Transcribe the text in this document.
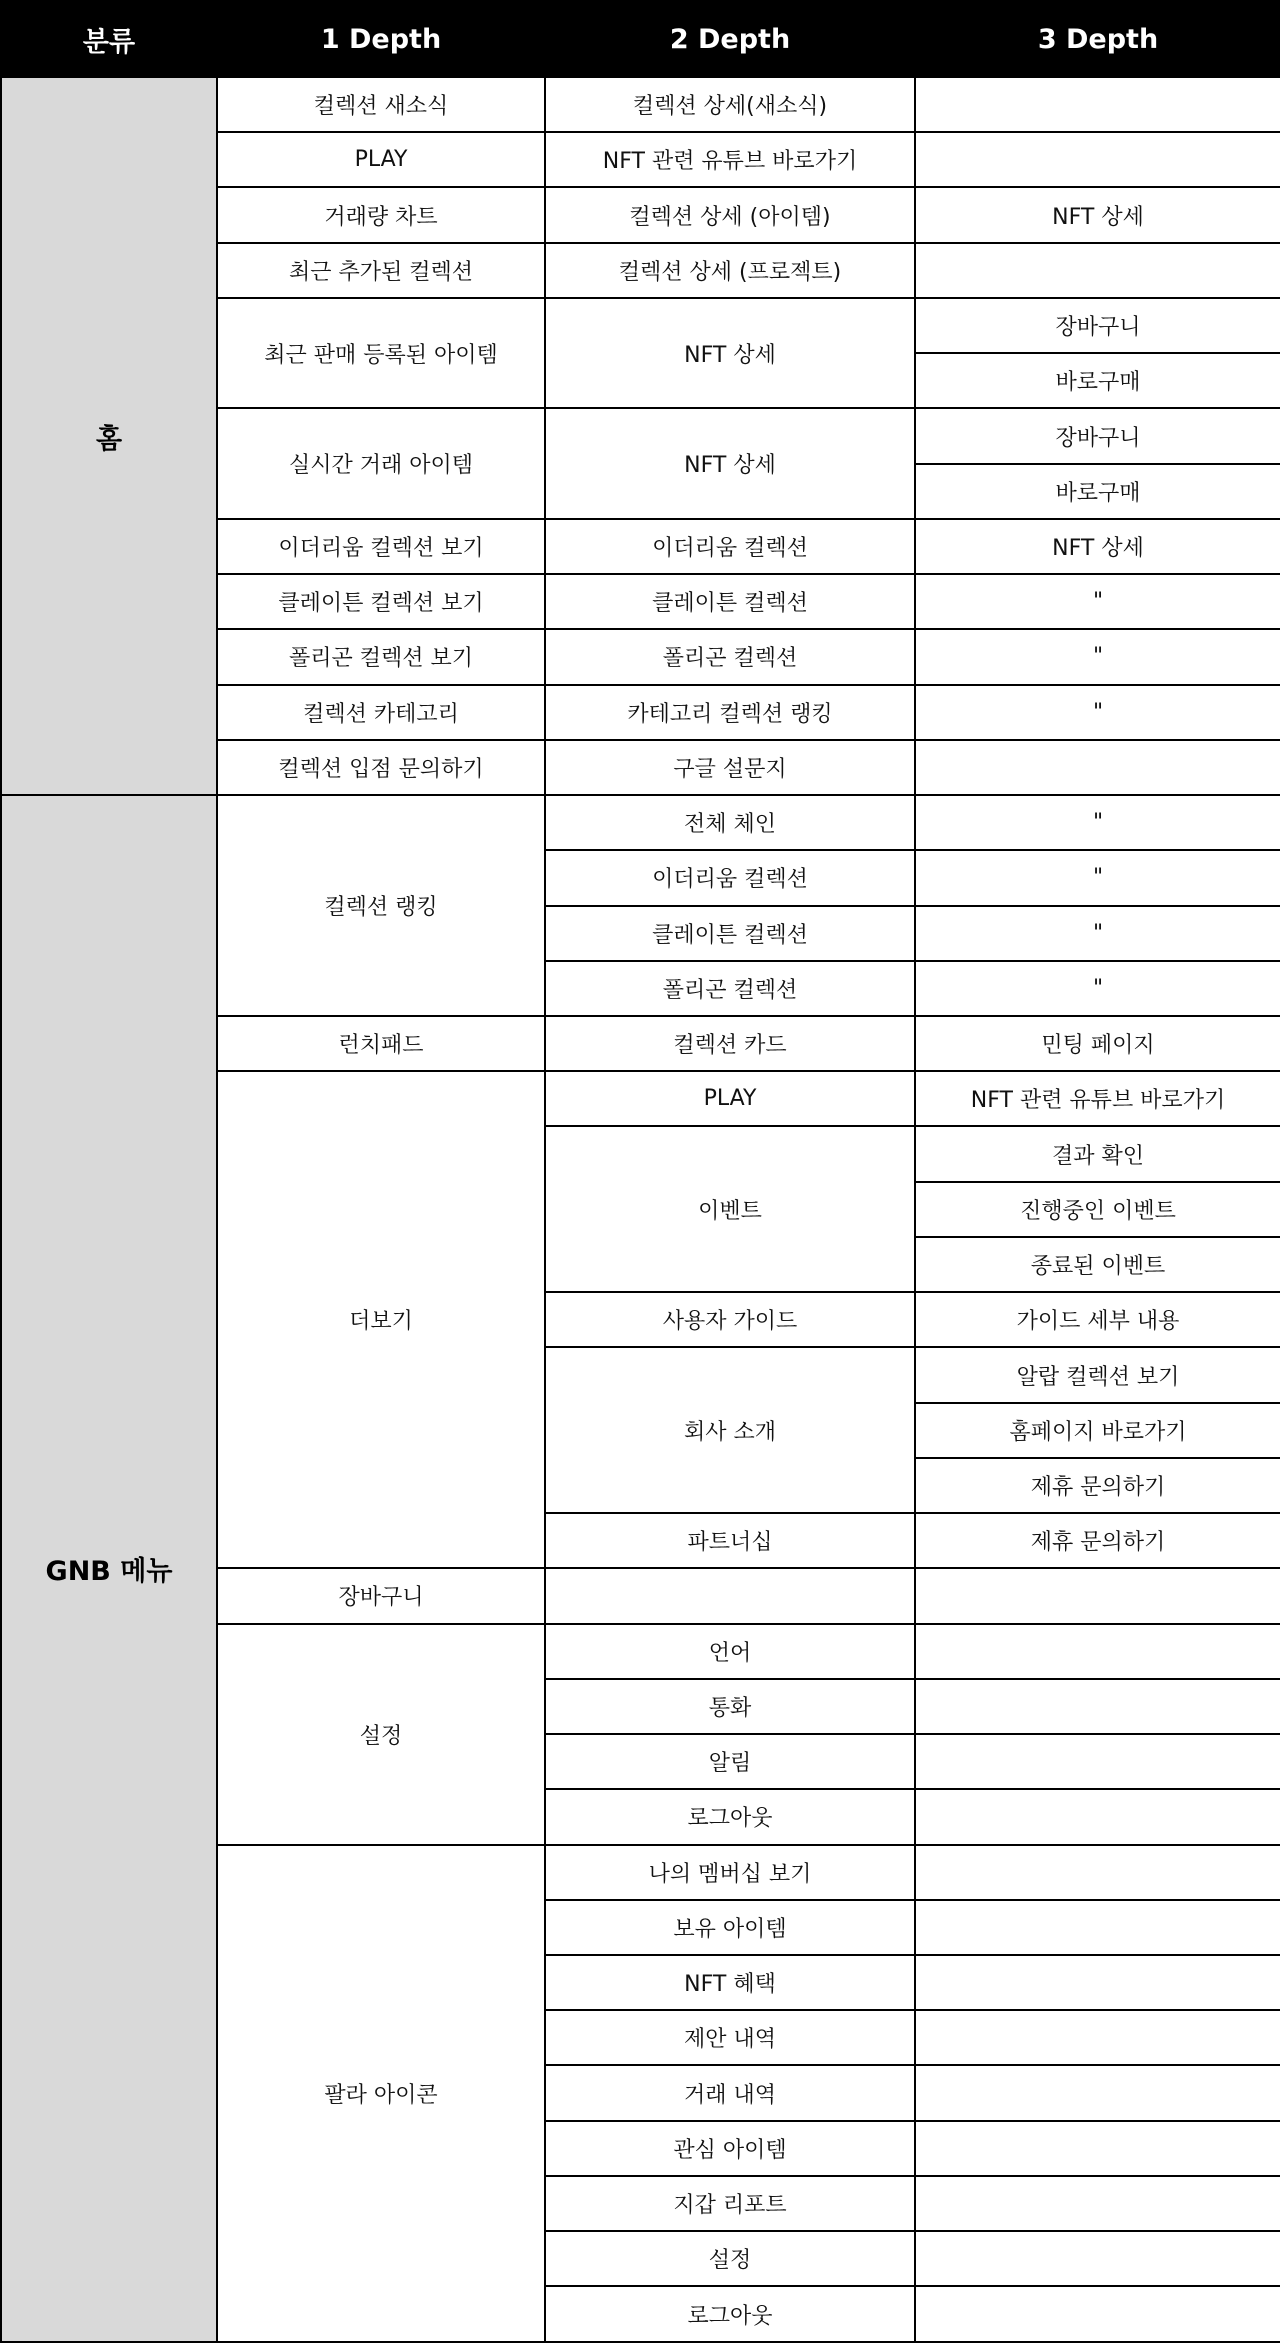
분류	1 Depth	2 Depth	3 Depth
홈	컬렉션 새소식	컬렉션 상세(새소식)	
	PLAY	NFT 관련 유튜브 바로가기	
	거래량 차트	컬렉션 상세 (아이템)	NFT 상세
	최근 추가된 컬렉션	컬렉션 상세 (프로젝트)	
	최근 판매 등록된 아이템	NFT 상세	장바구니
			바로구매
	실시간 거래 아이템	NFT 상세	장바구니
			바로구매
	이더리움 컬렉션 보기	이더리움 컬렉션	NFT 상세
	클레이튼 컬렉션 보기	클레이튼 컬렉션	"
	폴리곤 컬렉션 보기	폴리곤 컬렉션	"
	컬렉션 카테고리	카테고리 컬렉션 랭킹	"
	컬렉션 입점 문의하기	구글 설문지	
GNB 메뉴	컬렉션 랭킹	전체 체인	"
		이더리움 컬렉션	"
		클레이튼 컬렉션	"
		폴리곤 컬렉션	"
	런치패드	컬렉션 카드	민팅 페이지
	더보기	PLAY	NFT 관련 유튜브 바로가기
		이벤트	결과 확인
			진행중인 이벤트
			종료된 이벤트
		사용자 가이드	가이드 세부 내용
		회사 소개	알랍 컬렉션 보기
			홈페이지 바로가기
			제휴 문의하기
		파트너십	제휴 문의하기
	장바구니		
	설정	언어	
		통화	
		알림	
		로그아웃	
	팔라 아이콘	나의 멤버십 보기	
		보유 아이템	
		NFT 혜택	
		제안 내역	
		거래 내역	
		관심 아이템	
		지갑 리포트	
		설정	
		로그아웃	
